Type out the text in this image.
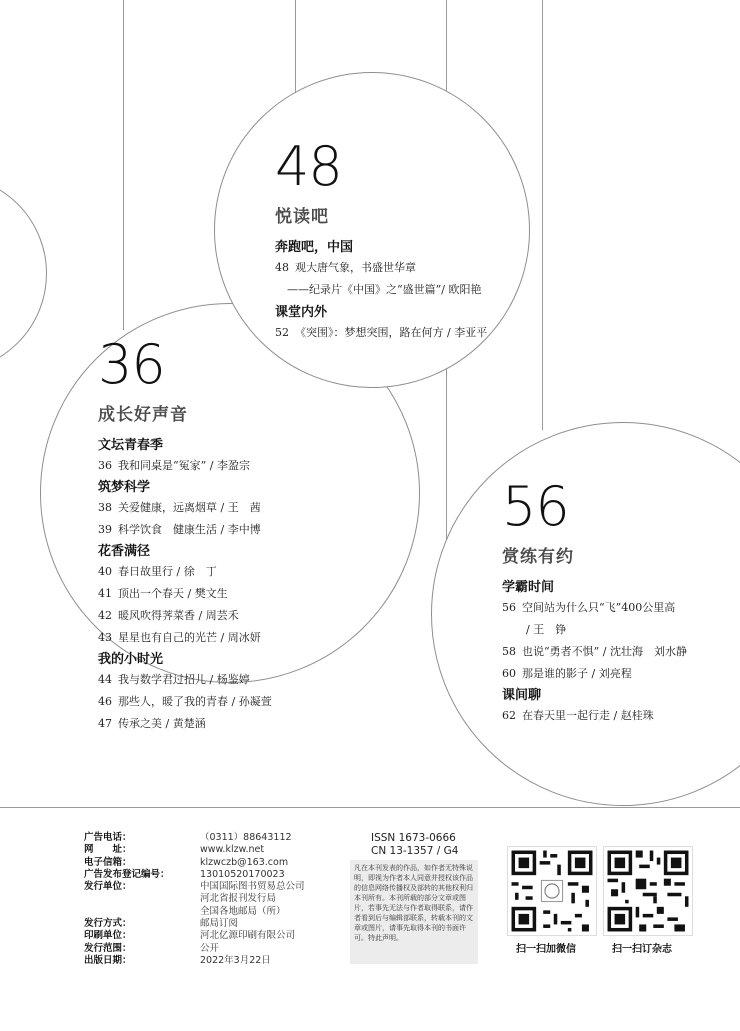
48
悦读吧
奔跑吧，中国
48 观大唐气象，书盛世华章
——纪录片《中国》之“盛世篇”/ 欧阳艳
课堂内外
52 《突围》：梦想突围，路在何方 / 李亚平
36
成长好声音
文坛青春季
36 我和同桌是“冤家” / 李盈宗
筑梦科学
38 关爱健康，远离烟草 / 王　茜
39 科学饮食　健康生活 / 李中博
花香满径
40 春日故里行 / 徐　丁
41 顶出一个春天 / 樊文生
42 暖风吹得荠菜香 / 周芸禾
43 星星也有自己的光芒 / 周冰妍
我的小时光
44 我与数学君过招儿 / 杨鉴婷
46 那些人，暖了我的青春 / 孙凝萱
47 传承之美 / 黄楚涵
56
赏练有约
学霸时间
56 空间站为什么只“飞”400公里高
/ 王　铮
58 也说“勇者不惧” / 沈壮海　刘水静
60 那是谁的影子 / 刘亮程
课间聊
62 在春天里一起行走 / 赵桂珠
广告电话：	（0311）88643112
网　　址：	www.klzw.net
电子信箱：	klzwczb@163.com
广告发布登记编号：	13010520170023
发行单位：	中国国际图书贸易总公司
河北省报刊发行局
全国各地邮局（所）
发行方式：	邮局订阅
印刷单位：	河北亿源印刷有限公司
发行范围：	公开
出版日期：	2022年3月22日
ISSN 1673-0666
CN 13-1357 / G4
凡在本刊发表的作品，如作者无特殊说明，即视为作者本人同意并授权该作品的信息网络传播权及部转的其他权利归本刊所有。本刊所载的部分文章或图片，若事先无法与作者取得联系，请作者看到后与编辑部联系，转载本刊的文章或图片，请事先取得本刊的书面许可。特此声明。
扫一扫加微信	扫一扫订杂志
